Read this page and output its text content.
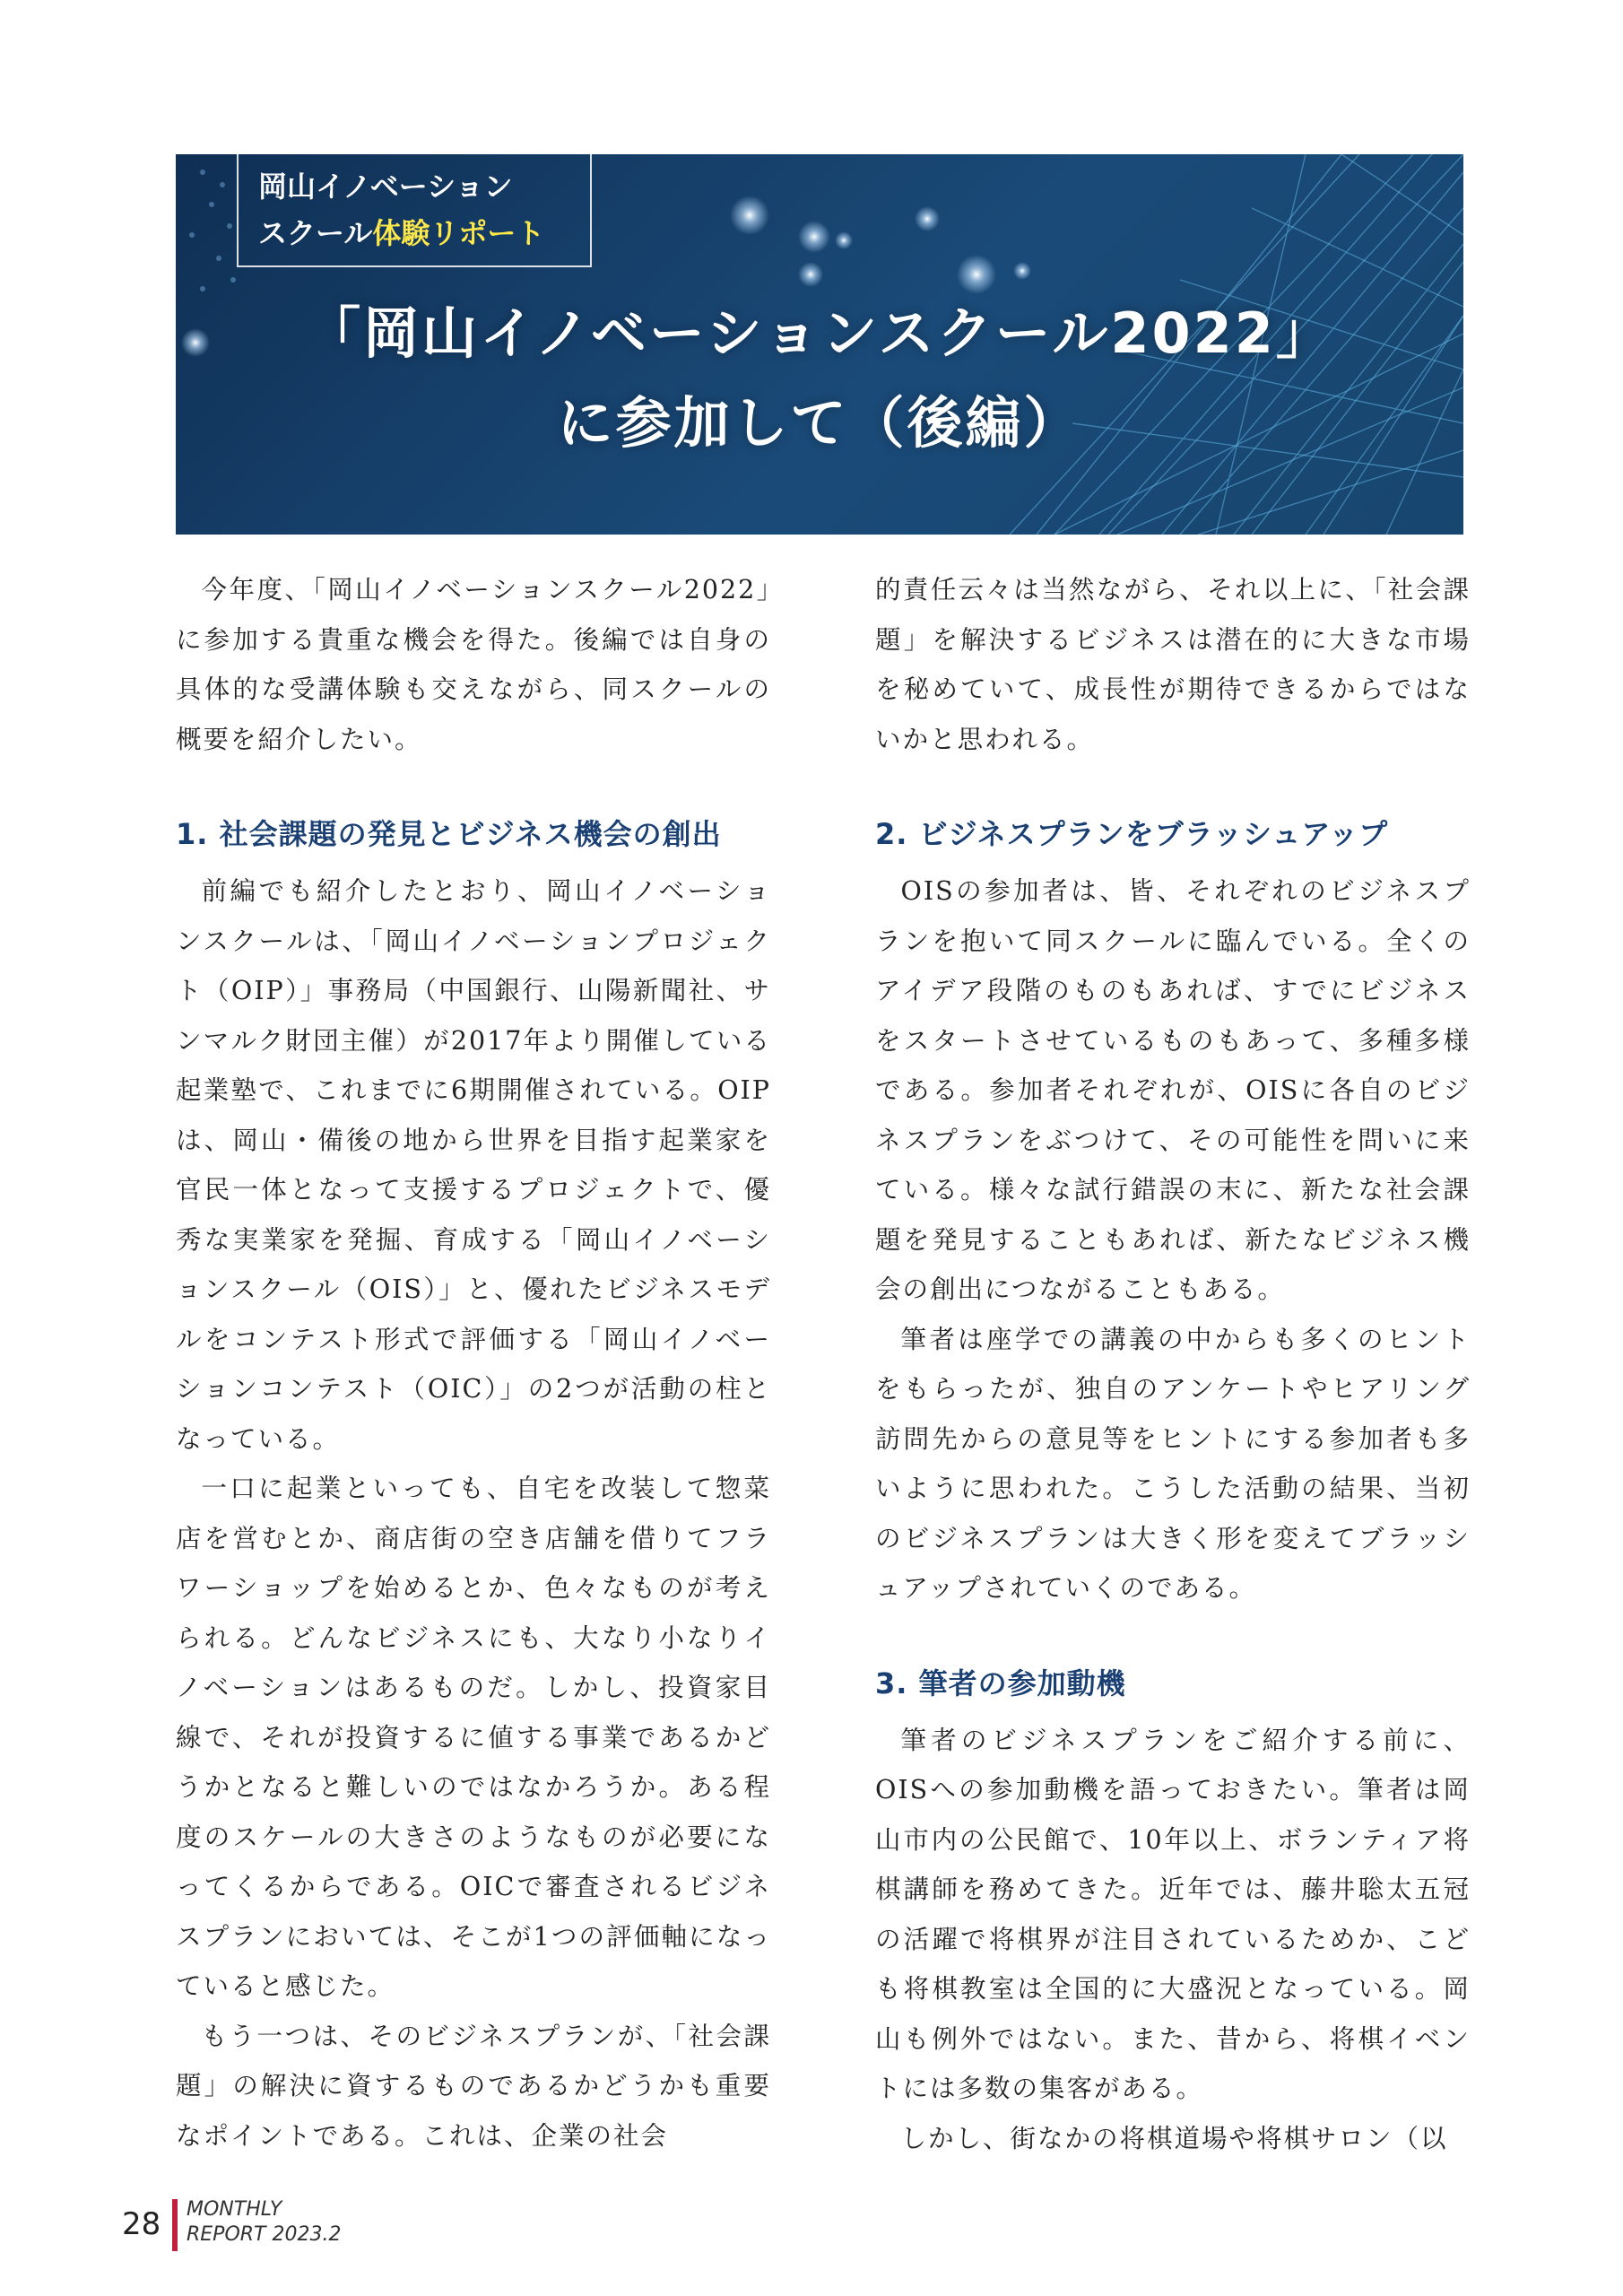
岡山イノベーション
スクール体験リポート
「岡山イノベーションスクール2022」
に参加して（後編）

今年度、「岡山イノベーションスクール2022」に参加する貴重な機会を得た。後編では自身の具体的な受講体験も交えながら、同スクールの概要を紹介したい。

1. 社会課題の発見とビジネス機会の創出

前編でも紹介したとおり、岡山イノベーションスクールは、「岡山イノベーションプロジェクト（OIP）」事務局（中国銀行、山陽新聞社、サンマルク財団主催）が2017年より開催している起業塾で、これまでに6期開催されている。OIPは、岡山・備後の地から世界を目指す起業家を官民一体となって支援するプロジェクトで、優秀な実業家を発掘、育成する「岡山イノベーションスクール（OIS）」と、優れたビジネスモデルをコンテスト形式で評価する「岡山イノベーションコンテスト（OIC）」の2つが活動の柱となっている。

一口に起業といっても、自宅を改装して惣菜店を営むとか、商店街の空き店舗を借りてフラワーショップを始めるとか、色々なものが考えられる。どんなビジネスにも、大なり小なりイノベーションはあるものだ。しかし、投資家目線で、それが投資するに値する事業であるかどうかとなると難しいのではなかろうか。ある程度のスケールの大きさのようなものが必要になってくるからである。OICで審査されるビジネスプランにおいては、そこが1つの評価軸になっていると感じた。

もう一つは、そのビジネスプランが、「社会課題」の解決に資するものであるかどうかも重要なポイントである。これは、企業の社会

的責任云々は当然ながら、それ以上に、「社会課題」を解決するビジネスは潜在的に大きな市場を秘めていて、成長性が期待できるからではないかと思われる。

2. ビジネスプランをブラッシュアップ

OISの参加者は、皆、それぞれのビジネスプランを抱いて同スクールに臨んでいる。全くのアイデア段階のものもあれば、すでにビジネスをスタートさせているものもあって、多種多様である。参加者それぞれが、OISに各自のビジネスプランをぶつけて、その可能性を問いに来ている。様々な試行錯誤の末に、新たな社会課題を発見することもあれば、新たなビジネス機会の創出につながることもある。

筆者は座学での講義の中からも多くのヒントをもらったが、独自のアンケートやヒアリング訪問先からの意見等をヒントにする参加者も多いように思われた。こうした活動の結果、当初のビジネスプランは大きく形を変えてブラッシュアップされていくのである。

3. 筆者の参加動機

筆者のビジネスプランをご紹介する前に、OISへの参加動機を語っておきたい。筆者は岡山市内の公民館で、10年以上、ボランティア将棋講師を務めてきた。近年では、藤井聡太五冠の活躍で将棋界が注目されているためか、こども将棋教室は全国的に大盛況となっている。岡山も例外ではない。また、昔から、将棋イベントには多数の集客がある。

しかし、街なかの将棋道場や将棋サロン（以

28 MONTHLY
REPORT 2023.2
